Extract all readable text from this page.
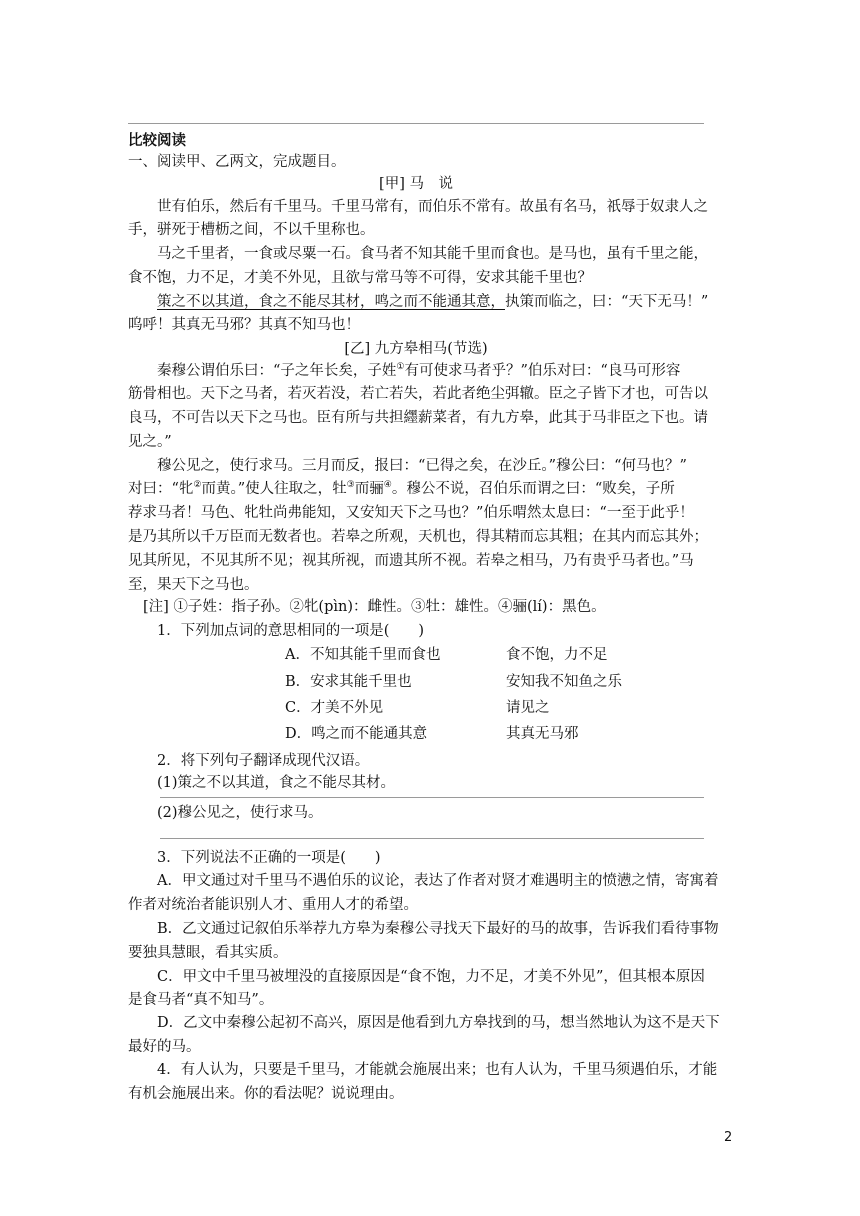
比较阅读
一、阅读甲、乙两文，完成题目。
[甲] 马　说
世有伯乐，然后有千里马。千里马常有，而伯乐不常有。故虽有名马，祇辱于奴隶人之
手，骈死于槽枥之间，不以千里称也。
马之千里者，一食或尽粟一石。食马者不知其能千里而食也。是马也，虽有千里之能，
食不饱，力不足，才美不外见，且欲与常马等不可得，安求其能千里也？
策之不以其道，食之不能尽其材，鸣之而不能通其意，执策而临之，曰：“天下无马！”
呜呼！其真无马邪？其真不知马也！
[乙] 九方皋相马(节选)
秦穆公谓伯乐曰：“子之年长矣，子姓①有可使求马者乎？”伯乐对曰：“良马可形容
筋骨相也。天下之马者，若灭若没，若亡若失，若此者绝尘弭辙。臣之子皆下才也，可告以
良马，不可告以天下之马也。臣有所与共担纆薪菜者，有九方皋，此其于马非臣之下也。请
见之。”
穆公见之，使行求马。三月而反，报曰：“已得之矣，在沙丘。”穆公曰：“何马也？”
对曰：“牝②而黄。”使人往取之，牡③而骊④。穆公不说，召伯乐而谓之曰：“败矣，子所
荐求马者！马色、牝牡尚弗能知，又安知天下之马也？”伯乐喟然太息曰：“一至于此乎！
是乃其所以千万臣而无数者也。若皋之所观，天机也，得其精而忘其粗；在其内而忘其外；
见其所见，不见其所不见；视其所视，而遗其所不视。若皋之相马，乃有贵乎马者也。”马
至，果天下之马也。
[注] ①子姓：指子孙。②牝(pìn)：雌性。③牡：雄性。④骊(lí)：黑色。
1．下列加点词的意思相同的一项是(　　)
A．不知其能千里而食也	食不饱，力不足
B．安求其能千里也	安知我不知鱼之乐
C．才美不外见	请见之
D．鸣之而不能通其意	其真无马邪
2．将下列句子翻译成现代汉语。
(1)策之不以其道，食之不能尽其材。
(2)穆公见之，使行求马。
3．下列说法不正确的一项是(　　)
A．甲文通过对千里马不遇伯乐的议论，表达了作者对贤才难遇明主的愤懑之情，寄寓着
作者对统治者能识别人才、重用人才的希望。
B．乙文通过记叙伯乐举荐九方皋为秦穆公寻找天下最好的马的故事，告诉我们看待事物
要独具慧眼，看其实质。
C．甲文中千里马被埋没的直接原因是“食不饱，力不足，才美不外见”，但其根本原因
是食马者“真不知马”。
D．乙文中秦穆公起初不高兴，原因是他看到九方皋找到的马，想当然地认为这不是天下
最好的马。
4．有人认为，只要是千里马，才能就会施展出来；也有人认为，千里马须遇伯乐，才能
有机会施展出来。你的看法呢？说说理由。
2
